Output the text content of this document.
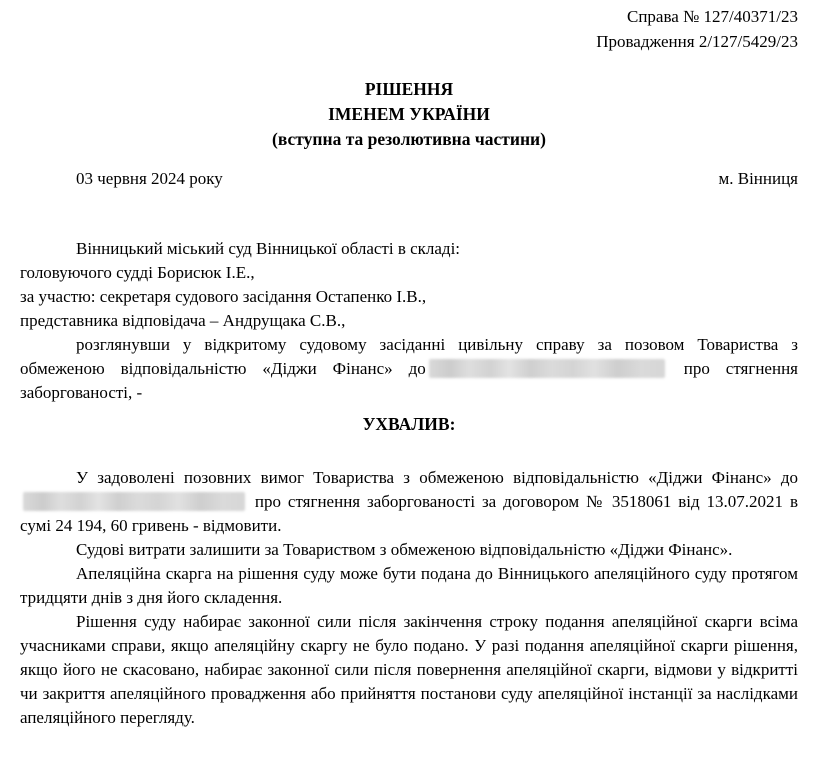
Справа № 127/40371/23
Провадження 2/127/5429/23
РІШЕННЯ
ІМЕНЕМ УКРАЇНИ
(вступна та резолютивна частини)
03 червня 2024 року	м. Вінниця

Вінницький міський суд Вінницької області в складі:

головуючого судді Борисюк І.Е.,

за участю: секретаря судового засідання Остапенко І.В.,

представника відповідача – Андрущака С.В.,

розглянувши у відкритому судовому засіданні цивільну справу за позовом Товариства з обмеженою відповідальністю «Діджи Фінанс» до	про стягнення заборгованості, -

УХВАЛИВ:

У задоволені позовних вимог Товариства з обмеженою відповідальністю «Діджи Фінанс» до про стягнення заборгованості за договором № 3518061 від 13.07.2021 в сумі 24 194, 60 гривень - відмовити.

Судові витрати залишити за Товариством з обмеженою відповідальністю «Діджи Фінанс».

Апеляційна скарга на рішення суду може бути подана до Вінницького апеляційного суду протягом тридцяти днів з дня його складення.

Рішення суду набирає законної сили після закінчення строку подання апеляційної скарги всіма учасниками справи, якщо апеляційну скаргу не було подано. У разі подання апеляційної скарги рішення, якщо його не скасовано, набирає законної сили після повернення апеляційної скарги, відмови у відкритті чи закриття апеляційного провадження або прийняття постанови суду апеляційної інстанції за наслідками апеляційного перегляду.
